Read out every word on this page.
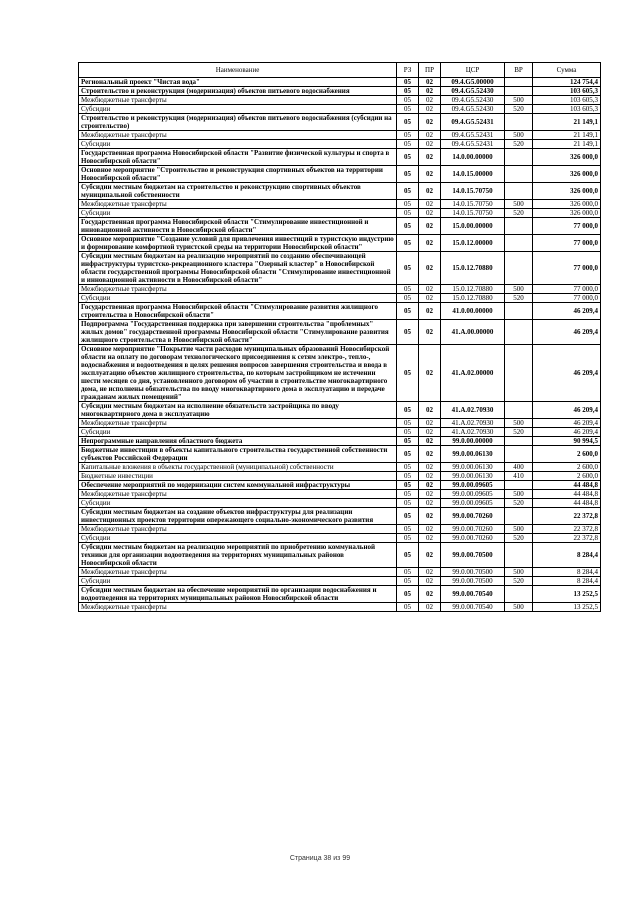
Наименование	РЗ	ПР	ЦСР	ВР	Сумма
Региональный проект "Чистая вода"	05	02	09.4.G5.00000		124 754,4
Строительство и реконструкция (модернизация) объектов питьевого водоснабжения	05	02	09.4.G5.52430		103 605,3
Межбюджетные трансферты	05	02	09.4.G5.52430	500	103 605,3
Субсидии	05	02	09.4.G5.52430	520	103 605,3
Строительство и реконструкция (модернизация) объектов питьевого водоснабжения (субсидии на строительство)	05	02	09.4.G5.52431		21 149,1
Межбюджетные трансферты	05	02	09.4.G5.52431	500	21 149,1
Субсидии	05	02	09.4.G5.52431	520	21 149,1
Государственная программа Новосибирской области "Развитие физической культуры и спорта в Новосибирской области"	05	02	14.0.00.00000		326 000,0
Основное мероприятие "Строительство и реконструкция спортивных объектов на территории Новосибирской области"	05	02	14.0.15.00000		326 000,0
Субсидии местным бюджетам на строительство и реконструкцию спортивных объектов муниципальной собственности	05	02	14.0.15.70750		326 000,0
Межбюджетные трансферты	05	02	14.0.15.70750	500	326 000,0
Субсидии	05	02	14.0.15.70750	520	326 000,0
Государственная программа Новосибирской области "Стимулирование инвестиционной и инновационной активности в Новосибирской области"	05	02	15.0.00.00000		77 000,0
Основное мероприятие "Создание условий для привлечения инвестиций в туристскую индустрию и формирование комфортной туристской среды на территории Новосибирской области"	05	02	15.0.12.00000		77 000,0
Субсидии местным бюджетам на реализацию мероприятий по созданию обеспечивающей инфраструктуры туристско-рекреационного кластера "Озерный кластер" в Новосибирской области государственной программы Новосибирской области "Стимулирование инвестиционной и инновационной активности в Новосибирской области"	05	02	15.0.12.70880		77 000,0
Межбюджетные трансферты	05	02	15.0.12.70880	500	77 000,0
Субсидии	05	02	15.0.12.70880	520	77 000,0
Государственная программа Новосибирской области "Стимулирование развития жилищного строительства в Новосибирской области"	05	02	41.0.00.00000		46 209,4
Подпрограмма "Государственная поддержка при завершении строительства "проблемных" жилых домов" государственной программы Новосибирской области "Стимулирование развития жилищного строительства в Новосибирской области"	05	02	41.А.00.00000		46 209,4
Основное мероприятие "Покрытие части расходов муниципальных образований Новосибирской области на оплату по договорам технологического присоединения к сетям электро-, тепло-, водоснабжения и водоотведения в целях решения вопросов завершения строительства и ввода в эксплуатацию объектов жилищного строительства, по которым застройщиком не истечении шести месяцев со дня, установленного договором об участии в строительстве многоквартирного дома, не исполнены обязательства по вводу многоквартирного дома в эксплуатацию и передаче гражданам жилых помещений"	05	02	41.А.02.00000		46 209,4
Субсидии местным бюджетам на исполнение обязательств застройщика по вводу многоквартирного дома в эксплуатацию	05	02	41.А.02.70930		46 209,4
Межбюджетные трансферты	05	02	41.А.02.70930	500	46 209,4
Субсидии	05	02	41.А.02.70930	520	46 209,4
Непрограммные направления областного бюджета	05	02	99.0.00.00000		90 994,5
Бюджетные инвестиции в объекты капитального строительства государственной собственности субъектов Российской Федерации	05	02	99.0.00.06130		2 600,0
Капитальные вложения в объекты государственной (муниципальной) собственности	05	02	99.0.00.06130	400	2 600,0
Бюджетные инвестиции	05	02	99.0.00.06130	410	2 600,0
Обеспечение мероприятий по модернизации систем коммунальной инфраструктуры	05	02	99.0.00.09605		44 484,8
Межбюджетные трансферты	05	02	99.0.00.09605	500	44 484,8
Субсидии	05	02	99.0.00.09605	520	44 484,8
Субсидии местным бюджетам на создание объектов инфраструктуры для реализации инвестиционных проектов территории опережающего социально-экономического развития	05	02	99.0.00.70260		22 372,8
Межбюджетные трансферты	05	02	99.0.00.70260	500	22 372,8
Субсидии	05	02	99.0.00.70260	520	22 372,8
Субсидии местным бюджетам на реализацию мероприятий по приобретению коммунальной техники для организации водоотведения на территориях муниципальных районов Новосибирской области	05	02	99.0.00.70500		8 284,4
Межбюджетные трансферты	05	02	99.0.00.70500	500	8 284,4
Субсидии	05	02	99.0.00.70500	520	8 284,4
Субсидии местным бюджетам на обеспечение мероприятий по организации водоснабжения и водоотведения на территориях муниципальных районов Новосибирской области	05	02	99.0.00.70540		13 252,5
Межбюджетные трансферты	05	02	99.0.00.70540	500	13 252,5
Страница 38 из 99
